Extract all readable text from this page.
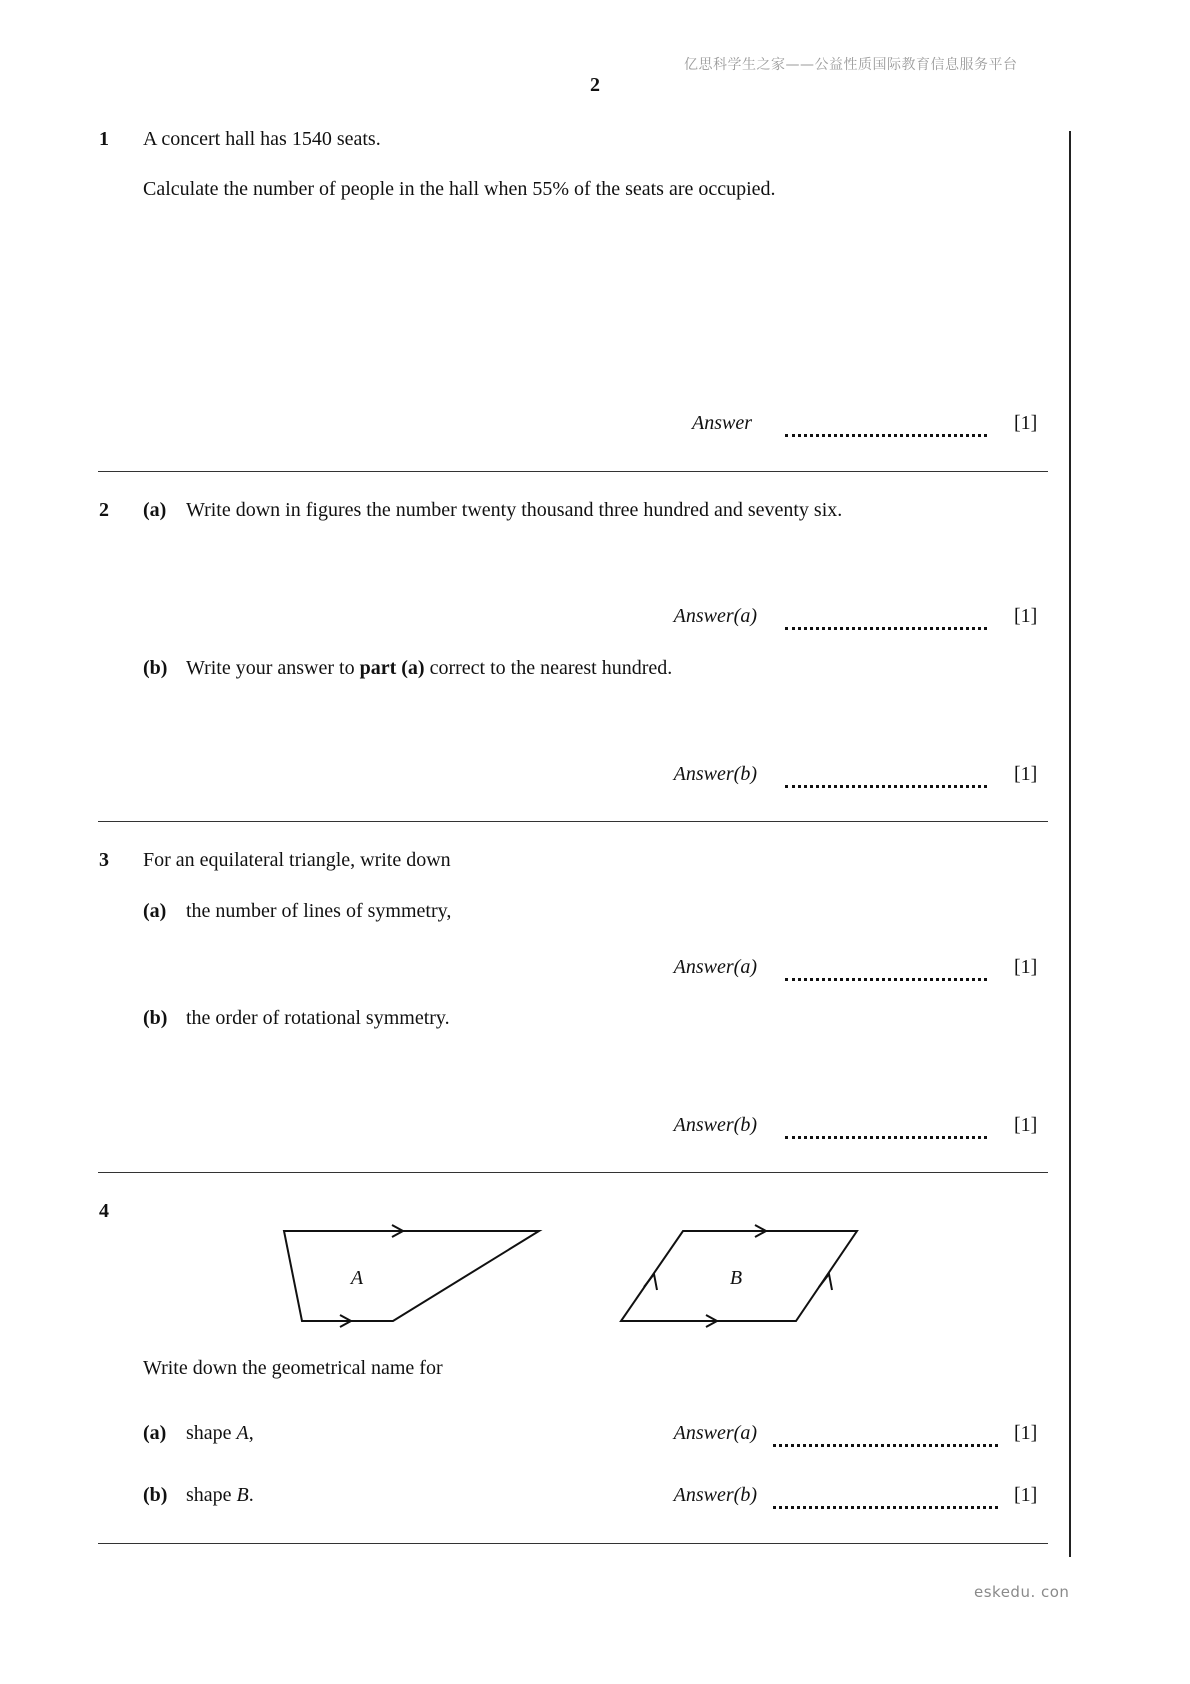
亿思科学生之家——公益性质国际教育信息服务平台
2
1 A concert hall has 1540 seats.
Calculate the number of people in the hall when 55% of the seats are occupied.
Answer	[1]
2 (a) Write down in figures the number twenty thousand three hundred and seventy six.
Answer(a)	[1]
(b) Write your answer to part (a) correct to the nearest hundred.
Answer(b)	[1]
3 For an equilateral triangle, write down
(a) the number of lines of symmetry,
Answer(a)	[1]
(b) the order of rotational symmetry.
Answer(b)	[1]
4
A	B
Write down the geometrical name for
(a) shape A,	Answer(a)	[1]
(b) shape B.	Answer(b)	[1]
eskedu. con
